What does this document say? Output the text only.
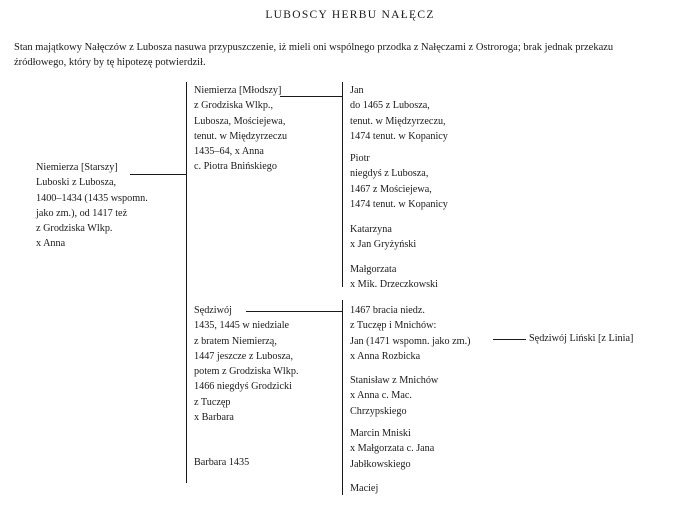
LUBOSCY HERBU NAŁĘCZ
Stan majątkowy Nałęczów z Lubosza nasuwa przypuszczenie, iż mieli oni wspólnego przodka z Nałęczami z Ostroroga; brak jednak przekazu
źródłowego, który by tę hipotezę potwierdził.
Niemierza [Starszy]
Luboski z Lubosza,
1400–1434 (1435 wspomn.
jako zm.), od 1417 też
z Grodziska Wlkp.
x Anna
Niemierza [Młodszy]
z Grodziska Wlkp.,
Lubosza, Mościejewa,
tenut. w Międzyrzeczu
1435–64, x Anna
c. Piotra Bnińskiego
Sędziwój
1435, 1445 w niedziale
z bratem Niemierzą,
1447 jeszcze z Lubosza,
potem z Grodziska Wlkp.
1466 niegdyś Grodzicki
z Tuczęp
x Barbara
Barbara 1435
Jan
do 1465 z Lubosza,
tenut. w Międzyrzeczu,
1474 tenut. w Kopanicy
Piotr
niegdyś z Lubosza,
1467 z Mościejewa,
1474 tenut. w Kopanicy
Katarzyna
x Jan Gryżyński
Małgorzata
x Mik. Drzeczkowski
1467 bracia niedz.
z Tuczęp i Mnichów:
Jan (1471 wspomn. jako zm.)
x Anna Rozbicka
Stanisław z Mnichów
x Anna c. Mac.
Chrzypskiego
Marcin Mniski
x Małgorzata c. Jana
Jabłkowskiego
Maciej
Sędziwój Liński [z Linia]
